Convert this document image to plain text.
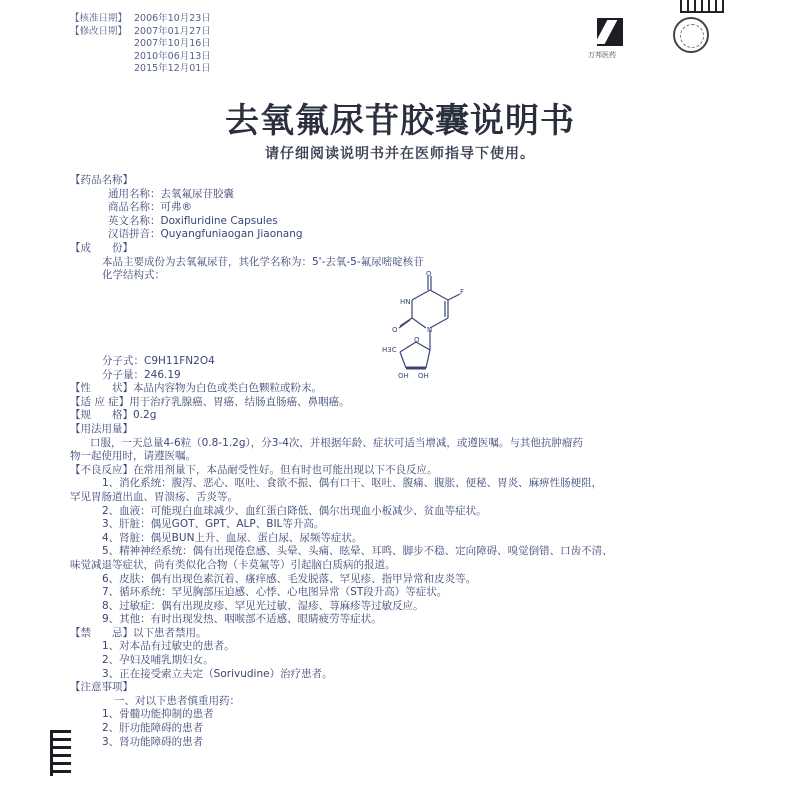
【核准日期】 2006年10月23日
【修改日期】 2007年01月27日
2007年10月16日
2010年06月13日
2015年12月01日
万邦医药
去氧氟尿苷胶囊说明书
请仔细阅读说明书并在医师指导下使用。
【药品名称】
通用名称：去氧氟尿苷胶囊
商品名称：可弗®
英文名称：Doxifluridine Capsules
汉语拼音：Quyangfuniaogan Jiaonang
【成　　份】
本品主要成份为去氧氟尿苷，其化学名称为：5'-去氧-5-氟尿嘧啶核苷
化学结构式：	O
F
HN
O	N
O
H3C
OH OH
分子式：C9H11FN2O4
分子量：246.19
【性　　状】本品内容物为白色或类白色颗粒或粉末。
【适 应 症】用于治疗乳腺癌、胃癌、结肠直肠癌、鼻咽癌。
【规　　格】0.2g
【用法用量】
口服，一天总量4-6粒（0.8-1.2g），分3-4次，并根据年龄、症状可适当增减，或遵医嘱。与其他抗肿瘤药
物一起使用时，请遵医嘱。
【不良反应】在常用剂量下，本品耐受性好。但有时也可能出现以下不良反应。
1、消化系统：腹泻、恶心、呕吐、食欲不振、偶有口干、呕吐、腹痛、腹胀、便秘、胃炎、麻痹性肠梗阻，
罕见胃肠道出血、胃溃疡、舌炎等。
2、血液：可能现白血球减少、血红蛋白降低、偶尔出现血小板减少、贫血等症状。
3、肝脏：偶见GOT、GPT、ALP、BIL等升高。
4、肾脏：偶见BUN上升、血尿、蛋白尿、尿频等症状。
5、精神神经系统：偶有出现倦怠感、头晕、头痛、眩晕、耳鸣、脚步不稳、定向障碍、嗅觉倒错、口齿不清、
味觉减退等症状，尚有类似化合物（卡莫氟等）引起脑白质病的报道。
6、皮肤：偶有出现色素沉着、瘙痒感、毛发脱落、罕见疹、指甲异常和皮炎等。
7、循环系统：罕见胸部压迫感、心悸、心电图异常（ST段升高）等症状。
8、过敏症：偶有出现皮疹、罕见光过敏、湿疹、荨麻疹等过敏反应。
9、其他：有时出现发热、咽喉部不适感、眼睛疲劳等症状。
【禁　　忌】以下患者禁用。
1、对本品有过敏史的患者。
2、孕妇及哺乳期妇女。
3、正在接受索立夫定（Sorivudine）治疗患者。
【注意事项】
一、对以下患者慎重用药：
1、骨髓功能抑制的患者
2、肝功能障碍的患者
3、肾功能障碍的患者
